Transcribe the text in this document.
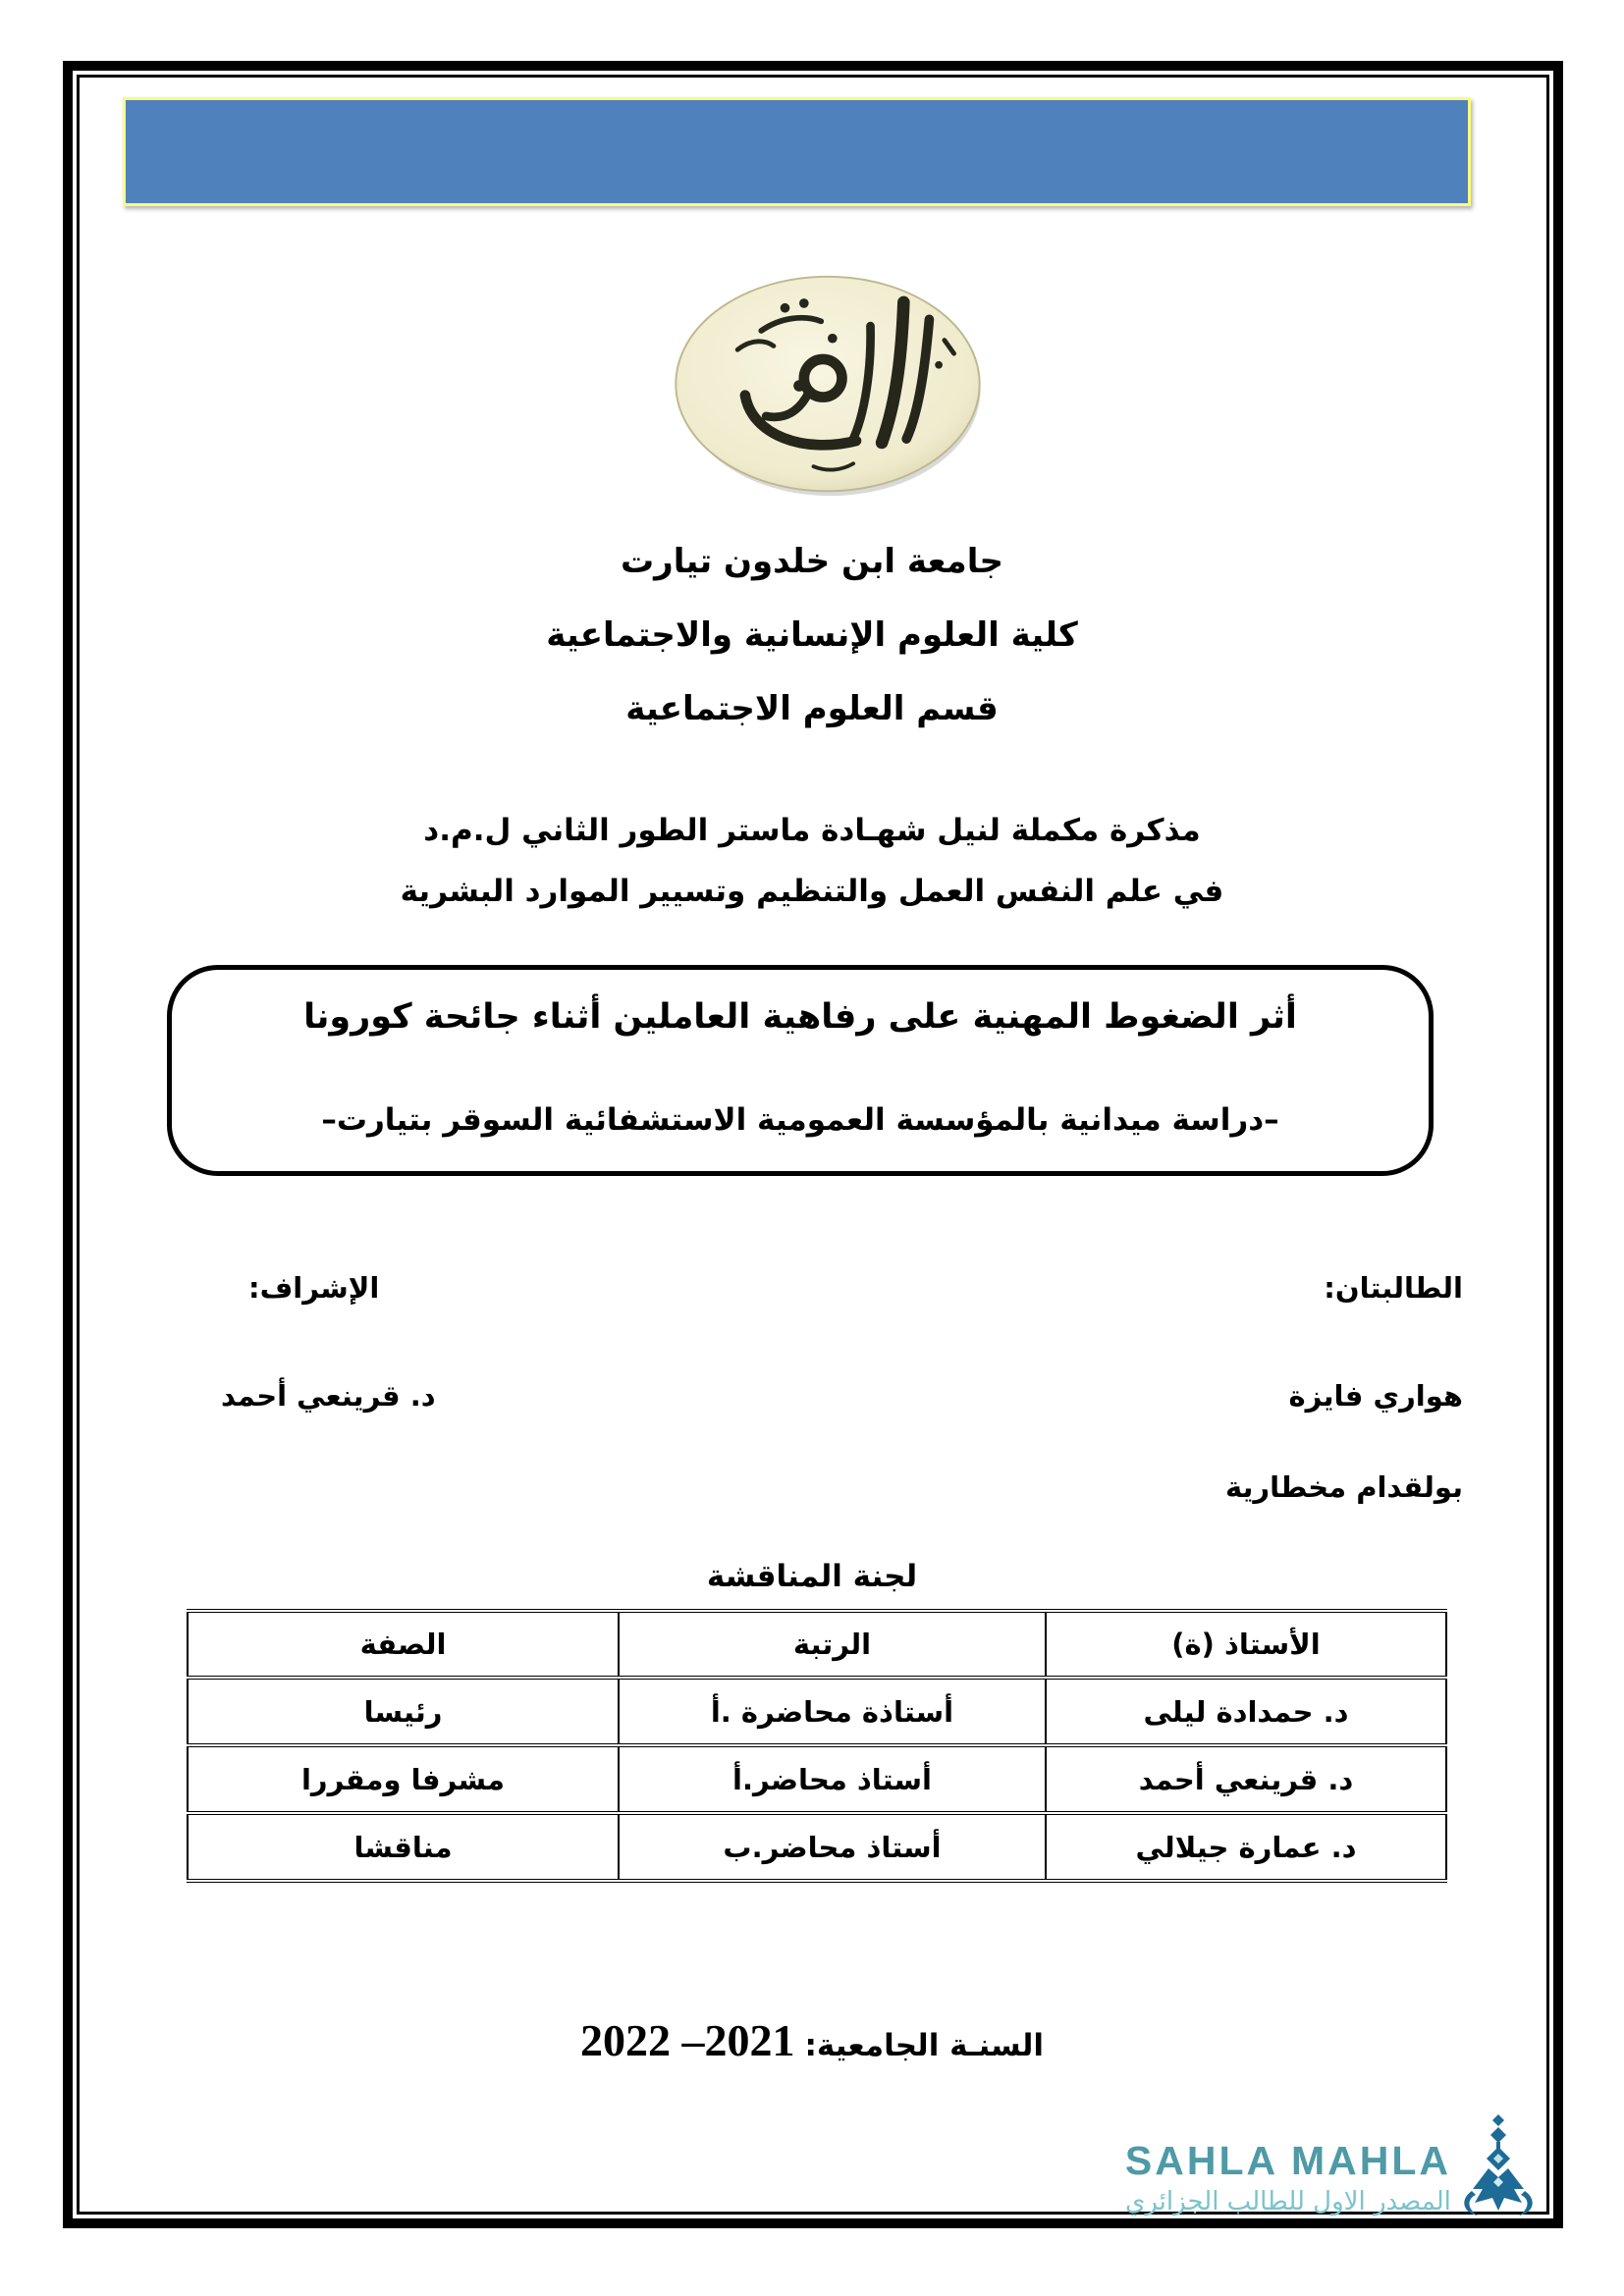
جامعة ابن خلدون تيارت
كلية العلوم الإنسانية والاجتماعية
قسم العلوم الاجتماعية
مذكرة مكملة لنيل شهـادة ماستر الطور الثاني ل.م.د
في علم النفس العمل والتنظيم وتسيير الموارد البشرية
أثر الضغوط المهنية على رفاهية العاملين أثناء جائحة كورونا
–دراسة ميدانية بالمؤسسة العمومية الاستشفائية السوقر بتيارت–
الطالبتان:
هواري فايزة
بولقدام مخطارية
الإشراف:
د. قرينعي أحمد
لجنة المناقشة
الأستاذ (ة)	الرتبة	الصفة
د. حمدادة ليلى	أستاذة محاضرة .أ	رئيسا
د. قرينعي أحمد	أستاذ محاضر.أ	مشرفا ومقررا
د. عمارة جيلالي	أستاذ محاضر.ب	مناقشا
السنـة الجامعية:
2021– 2022
SAHLA MAHLA
المصدر الاول للطالب الجزائري
